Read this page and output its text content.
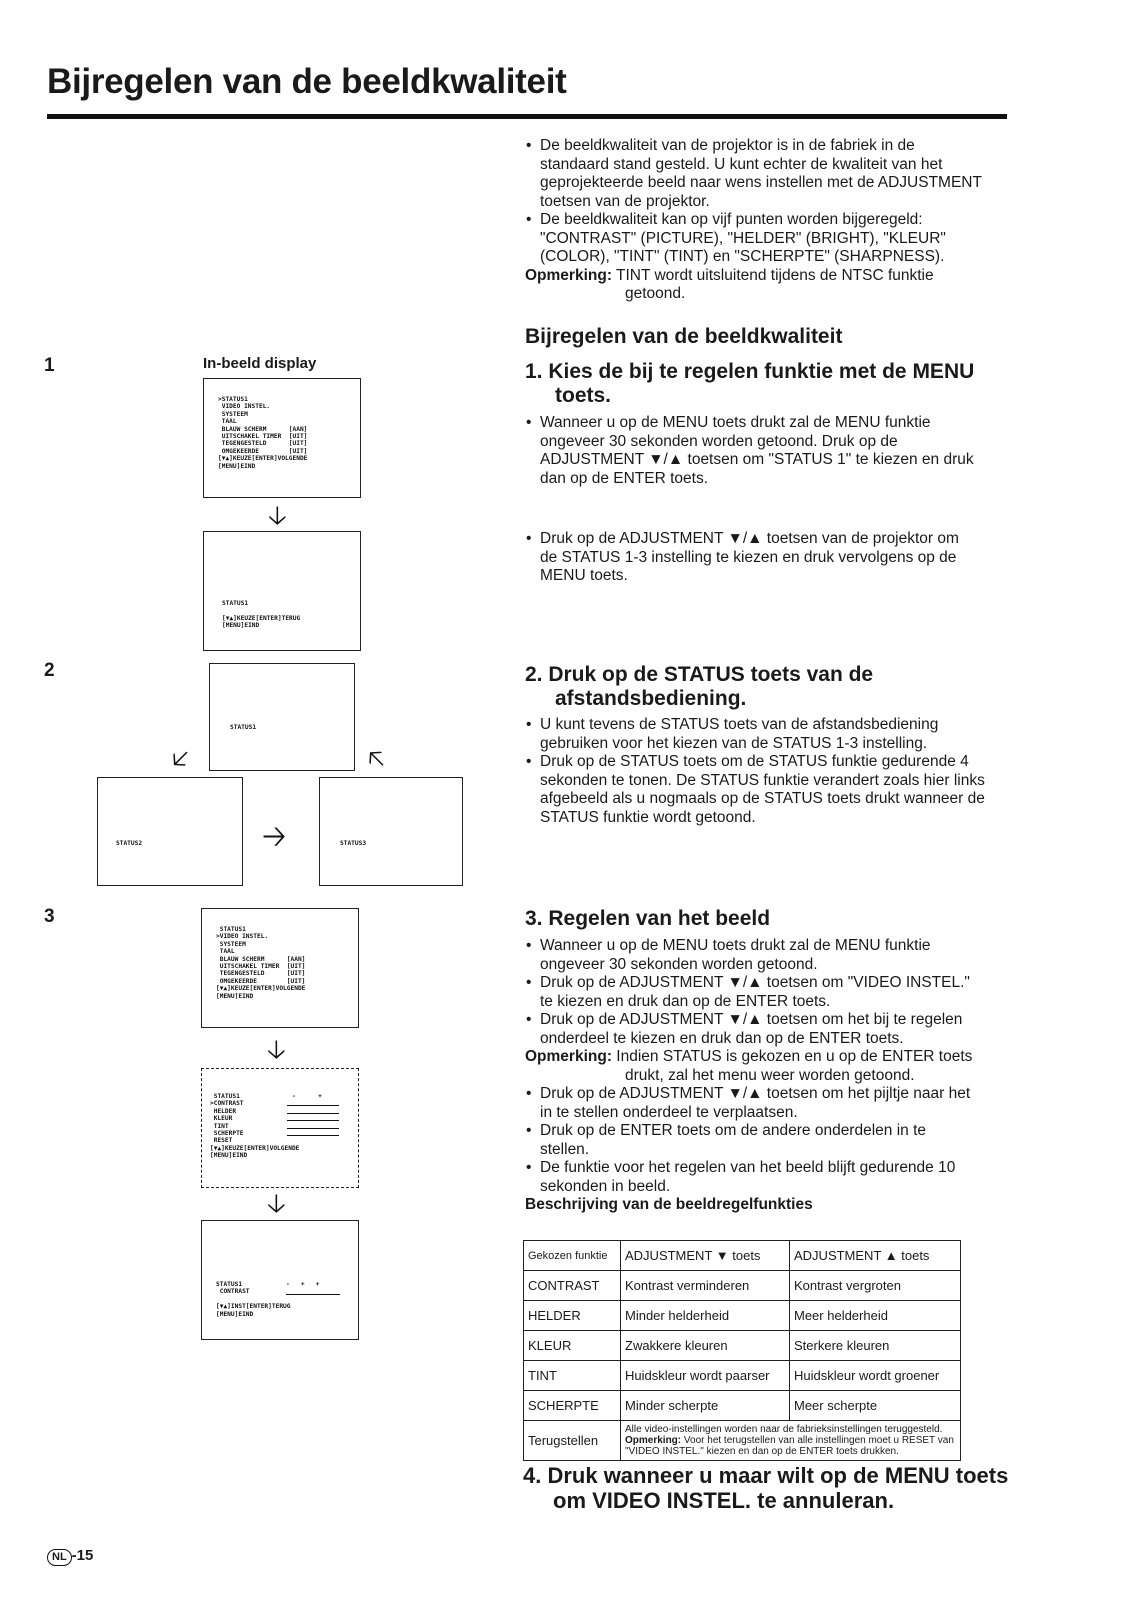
Bijregelen van de beeldkwaliteit
• De beeldkwaliteit van de projektor is in de fabriek in de standaard stand gesteld. U kunt echter de kwaliteit van het geprojekteerde beeld naar wens instellen met de ADJUSTMENT toetsen van de projektor.
• De beeldkwaliteit kan op vijf punten worden bijgeregeld: "CONTRAST" (PICTURE), "HELDER" (BRIGHT), "KLEUR" (COLOR), "TINT" (TINT) en "SCHERPTE" (SHARPNESS).
Opmerking: TINT wordt uitsluitend tijdens de NTSC funktie getoond.
Bijregelen van de beeldkwaliteit
1
2
3
1. Kies de bij te regelen funktie met de MENU toets.
• Wanneer u op de MENU toets drukt zal de MENU funktie ongeveer 30 sekonden worden getoond. Druk op de ADJUSTMENT ▼/▲ toetsen om "STATUS 1" te kiezen en druk dan op de ENTER toets.
• Druk op de ADJUSTMENT ▼/▲ toetsen van de projektor om de STATUS 1-3 instelling te kiezen en druk vervolgens op de MENU toets.
2. Druk op de STATUS toets van de afstandsbediening.
• U kunt tevens de STATUS toets van de afstandsbediening gebruiken voor het kiezen van de STATUS 1-3 instelling.
• Druk op de STATUS toets om de STATUS funktie gedurende 4 sekonden te tonen. De STATUS funktie verandert zoals hier links afgebeeld als u nogmaals op de STATUS toets drukt wanneer de STATUS funktie wordt getoond.
3. Regelen van het beeld
• Wanneer u op de MENU toets drukt zal de MENU funktie ongeveer 30 sekonden worden getoond.
• Druk op de ADJUSTMENT ▼/▲ toetsen om "VIDEO INSTEL." te kiezen en druk dan op de ENTER toets.
• Druk op de ADJUSTMENT ▼/▲ toetsen om het bij te regelen onderdeel te kiezen en druk dan op de ENTER toets.
Opmerking: Indien STATUS is gekozen en u op de ENTER toets drukt, zal het menu weer worden getoond.
• Druk op de ADJUSTMENT ▼/▲ toetsen om het pijltje naar het in te stellen onderdeel te verplaatsen.
• Druk op de ENTER toets om de andere onderdelen in te stellen.
• De funktie voor het regelen van het beeld blijft gedurende 10 sekonden in beeld.
Beschrijving van de beeldregelfunkties
Gekozen funktie	ADJUSTMENT ▼ toets	ADJUSTMENT ▲ toets
CONTRAST	Kontrast verminderen	Kontrast vergroten
HELDER	Minder helderheid	Meer helderheid
KLEUR	Zwakkere kleuren	Sterkere kleuren
TINT	Huidskleur wordt paarser	Huidskleur wordt groener
SCHERPTE	Minder scherpte	Meer scherpte
Terugstellen	Alle video-instellingen worden naar de fabrieksinstellingen teruggesteld.
Opmerking: Voor het terugstellen van alle instellingen moet u RESET van "VIDEO INSTEL." kiezen en dan op de ENTER toets drukken.	
4. Druk wanneer u maar wilt op de MENU toets om VIDEO INSTEL. te annuleran.
In-beeld display
>STATUS1
VIDEO INSTEL.
SYSTEEM
TAAL
BLAUW SCHERM      [AAN]
UITSCHAKEL TIMER  [UIT]
TEGENGESTELD      [UIT]
OMGEKEERDE        [UIT]
[▼▲]KEUZE[ENTER]VOLGENDE
[MENU]EIND
🡣
STATUS1

[▼▲]KEUZE[ENTER]TERUG
[MENU]EIND
STATUS1
🡧	🡤
STATUS2	🡢	STATUS3
STATUS1
>VIDEO INSTEL.
SYSTEEM
TAAL
BLAUW SCHERM      [AAN]
UITSCHAKEL TIMER  [UIT]
TEGENGESTELD      [UIT]
OMGEKEERDE        [UIT]
[▼▲]KEUZE[ENTER]VOLGENDE
[MENU]EIND
🡣
STATUS1
>CONTRAST
HELDER
KLEUR
TINT
SCHERPTE
RESET
[▼▲]KEUZE[ENTER]VOLGENDE
[MENU]EIND
-      +
🡣
STATUS1
CONTRAST

[▼▲]INST[ENTER]TERUG
[MENU]EIND
-   +   +
NL -15
